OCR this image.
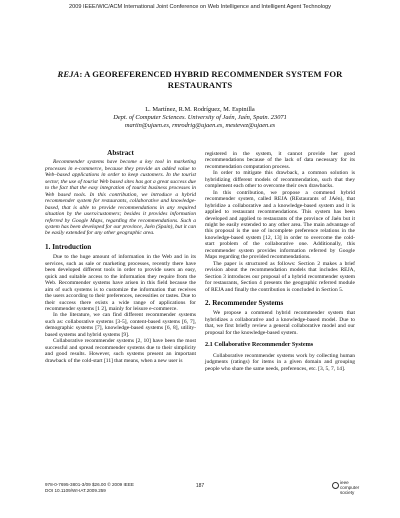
2009 IEEE/WIC/ACM International Joint Conference on Web Intelligence and Intelligent Agent Technology
REJA: A GEOREFERENCED HYBRID RECOMMENDER SYSTEM FOR RESTAURANTS
L. Martínez, R.M. Rodríguez, M. Espinilla
Dept. of Computer Sciences. University of Jaén, Jaén, Spain. 23071
martin@ujaen.es, rmrodrig@ujaen.es, mestevez@ujaen.es
Abstract

Recommender systems have become a key tool in marketing processes in e-commerce, because they provide an added value to Web–based applications in order to keep customers. In the tourist sector, the use of tourist Web based sites has got a great success due to the fact that the easy integration of tourist business processes in Web based tools. In this contribution, we introduce a hybrid recommender system for restaurants, collaborative and knowledge-based, that is able to provide recommendations in any required situation by the users/customers; besides it provides information referred by Google Maps, regarding the recommendations. Such a system has been developed for our province, Jaén (Spain), but it can be easily extended for any other geographic area.

1. Introduction

Due to the huge amount of information in the Web and in its services, such as sale or marketing processes, recently there have been developed different tools in order to provide users an easy, quick and suitable access to the information they require from the Web. Recommender systems have arisen in this field because the aim of such systems is to customize the information that receives the users according to their preferences, necessities or tastes. Due to their success there exists a wide range of applications for recommender systems [1 2], mainly for leisure e-commerce.

In the literature, we can find different recommender systems such as: collaborative systems [3-5], content-based systems [6, 7], demographic systems [7], knowledge-based systems [6, 8], utility-based systems and hybrid systems [9].

Collaborative recommender systems [2, 10] have been the most successful and spread recommender systems due to their simplicity and good results. However, such systems present an important drawback of the cold-start [11] that means, when a new user is

registered in the system, it cannot provide her good recommendations because of the lack of data necessary for its recommendation computation process.

In order to mitigate this drawback, a common solution is hybridizing different models of recommendation, such that they complement each other to overcome their own drawbacks.

In this contribution, we propose a commend hybrid recommender system, called REJA (REstaurants of JAén), that hybridize a collaborative and a knowledge-based system and it is applied to restaurant recommendations. This system has been developed and applied to restaurants of the province of Jaén but it might be easily extended to any other area. The main advantage of this proposal is the use of incomplete preference relations in the knowledge-based system [12, 13] in order to overcome the cold-start problem of the collaborative one. Additionally, this recommender system provides information referred by Google Maps regarding the provided recommendations.

The paper is structured as follows: Section 2 makes a brief revision about the recommendation models that includes REJA, Section 3 introduces our proposal of a hybrid recommender system for restaurants, Section 4 presents the geographic referred module of REJA and finally the contribution is concluded in Section 5.

2. Recommender Systems

We propose a commend hybrid recommender system that hybridizes a collaborative and a knowledge-based model. Due to that, we first briefly review a general collaborative model and our proposal for the knowledge-based system.

2.1 Collaborative Recommender Systems

Collaborative recommender systems work by collecting human judgments (ratings) for items in a given domain and grouping people who share the same needs, preferences, etc. [3, 5, 7, 14].

978-0-7695-3801-3/09 $26.00 © 2009 IEEE
DOI 10.1109/WI-IAT.2009.259
187
ieee
computer
society
